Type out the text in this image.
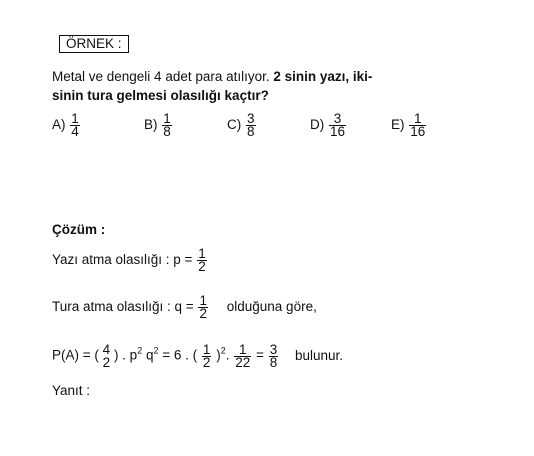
ÖRNEK :
Metal ve dengeli 4 adet para atılıyor. 2 sinin yazı, iki-
sinin tura gelmesi olasılığı kaçtır?
$A) \frac{1}{4}$	$B) \frac{1}{8}$	$C) \frac{3}{8}$	$D) \frac{3}{16}$	$E) \frac{1}{16}$
Çözüm :
Yazı atma olasılığı : $p = \frac{1}{2}$
Tura atma olasılığı : $q = \frac{1}{2}$ olduğuna göre,
P(A) = ( 4
2 ) . $p^2$ $q^2 = 6$ . ( $\frac{1}{2} )^2$. $\frac{1}{22} = \frac{3}{8}$ bulunur.
Yanıt :
